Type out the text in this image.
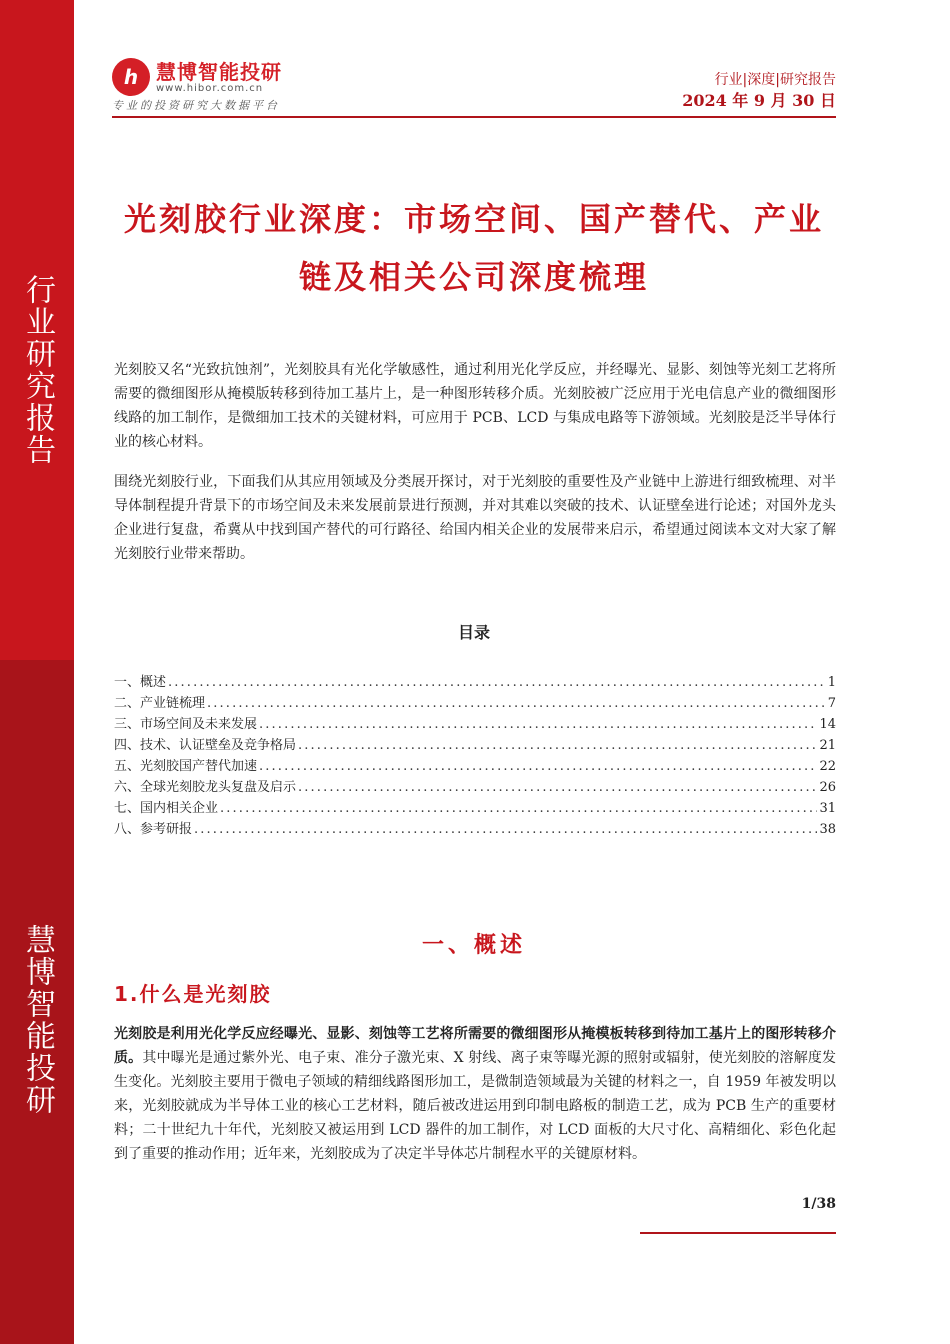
行业研究报告
慧博智能投研
h 慧博智能投研
www.hibor.com.cn
专业的投资研究大数据平台
行业|深度|研究报告
2024 年 9 月 30 日
光刻胶行业深度：市场空间、国产替代、产业链及相关公司深度梳理
光刻胶又名“光致抗蚀剂”，光刻胶具有光化学敏感性，通过利用光化学反应，并经曝光、显影、刻蚀等光刻工艺将所需要的微细图形从掩模版转移到待加工基片上，是一种图形转移介质。光刻胶被广泛应用于光电信息产业的微细图形线路的加工制作，是微细加工技术的关键材料，可应用于 PCB、LCD 与集成电路等下游领域。光刻胶是泛半导体行业的核心材料。
围绕光刻胶行业，下面我们从其应用领域及分类展开探讨，对于光刻胶的重要性及产业链中上游进行细致梳理、对半导体制程提升背景下的市场空间及未来发展前景进行预测，并对其难以突破的技术、认证壁垒进行论述；对国外龙头企业进行复盘，希冀从中找到国产替代的可行路径、给国内相关企业的发展带来启示，希望通过阅读本文对大家了解光刻胶行业带来帮助。
目录
一、概述 . . .	1
二、产业链梳理 . . .	7
三、市场空间及未来发展 . . .	14
四、技术、认证壁垒及竞争格局 . . .	21
五、光刻胶国产替代加速 . . .	22
六、全球光刻胶龙头复盘及启示 . . .	26
七、国内相关企业 . . .	31
八、参考研报 . . .	38
一、概述
1.什么是光刻胶
光刻胶是利用光化学反应经曝光、显影、刻蚀等工艺将所需要的微细图形从掩模板转移到待加工基片上的图形转移介质。其中曝光是通过紫外光、电子束、准分子激光束、X 射线、离子束等曝光源的照射或辐射，使光刻胶的溶解度发生变化。光刻胶主要用于微电子领域的精细线路图形加工，是微制造领域最为关键的材料之一，自 1959 年被发明以来，光刻胶就成为半导体工业的核心工艺材料，随后被改进运用到印制电路板的制造工艺，成为 PCB 生产的重要材料；二十世纪九十年代，光刻胶又被运用到 LCD 器件的加工制作，对 LCD 面板的大尺寸化、高精细化、彩色化起到了重要的推动作用；近年来，光刻胶成为了决定半导体芯片制程水平的关键原材料。
1/38
